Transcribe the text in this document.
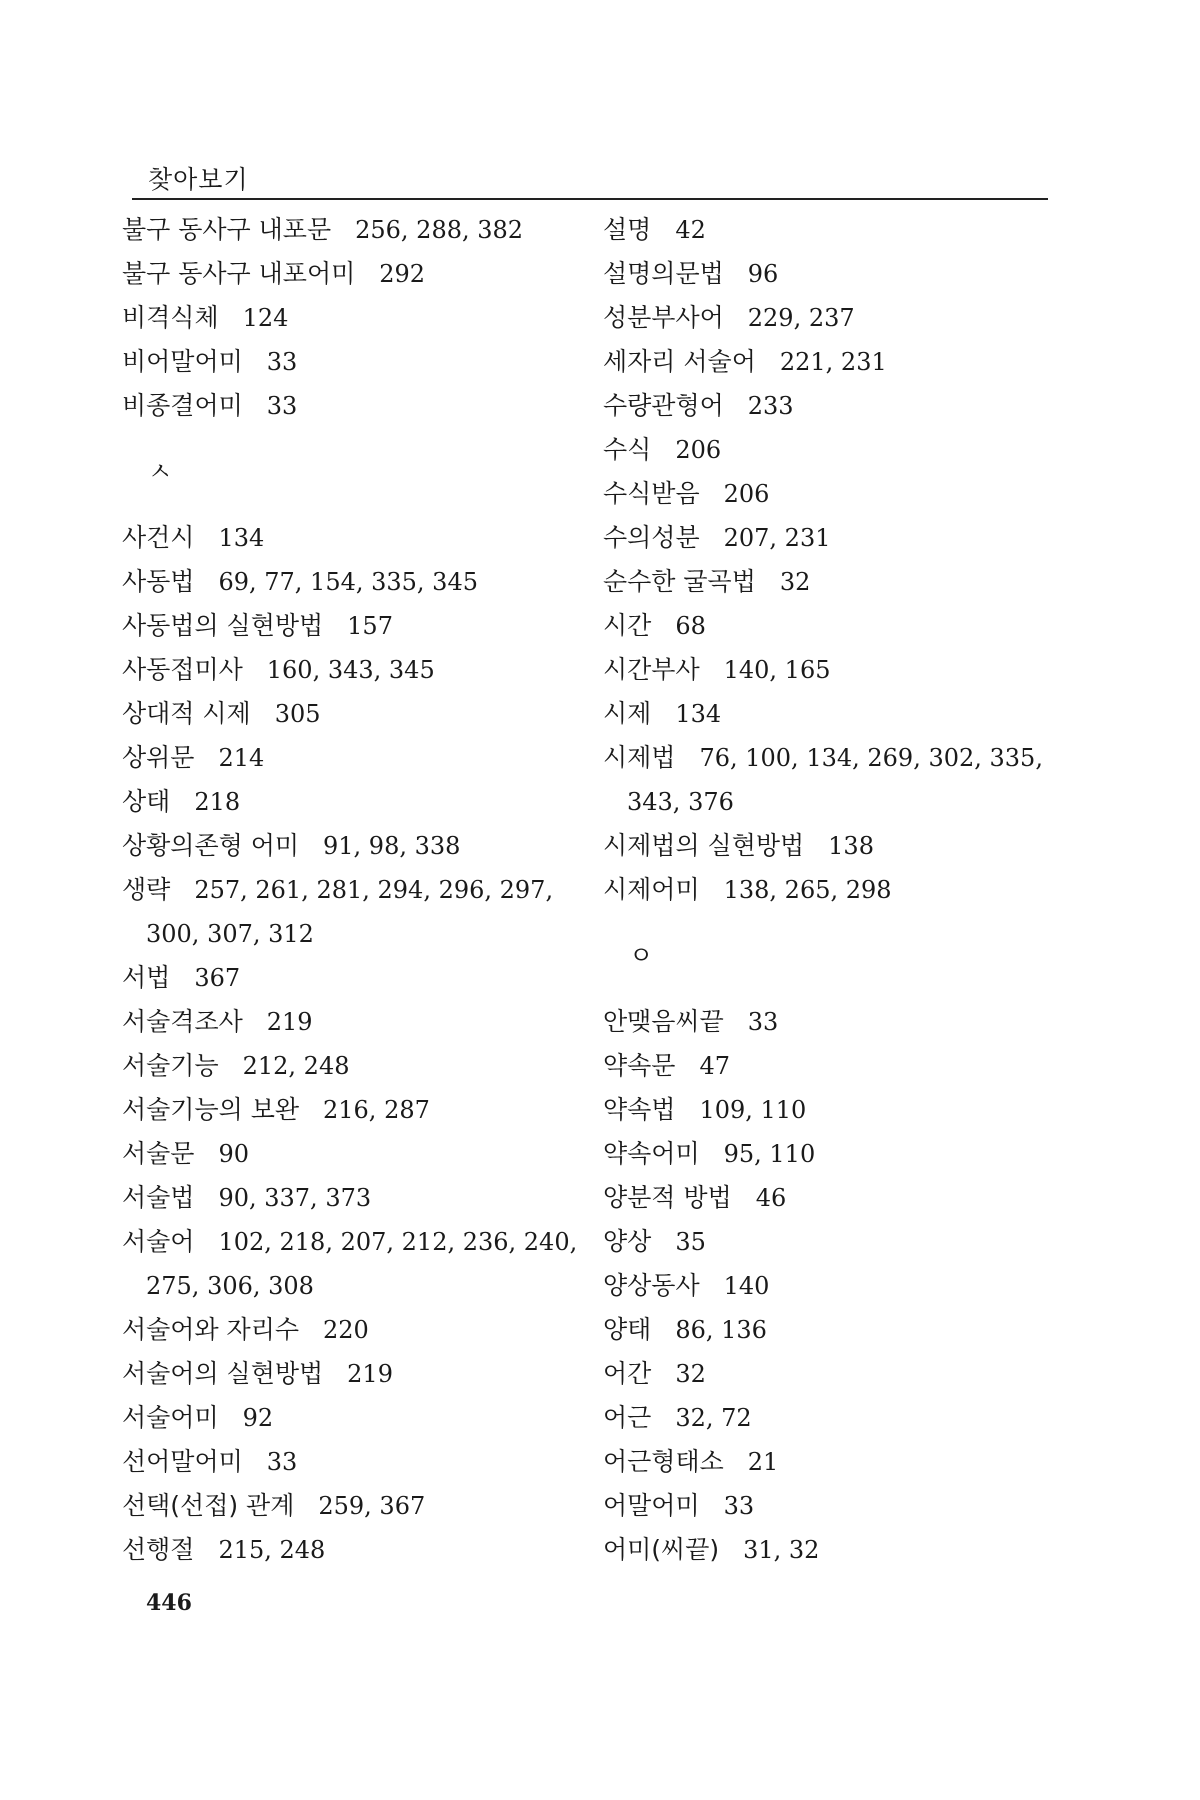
찾아보기
불구 동사구 내포문 256, 288, 382
불구 동사구 내포어미 292
비격식체 124
비어말어미 33
비종결어미 33
ㅅ
사건시 134
사동법 69, 77, 154, 335, 345
사동법의 실현방법 157
사동접미사 160, 343, 345
상대적 시제 305
상위문 214
상태 218
상황의존형 어미 91, 98, 338
생략 257, 261, 281, 294, 296, 297,
300, 307, 312
서법 367
서술격조사 219
서술기능 212, 248
서술기능의 보완 216, 287
서술문 90
서술법 90, 337, 373
서술어 102, 218, 207, 212, 236, 240,
275, 306, 308
서술어와 자리수 220
서술어의 실현방법 219
서술어미 92
선어말어미 33
선택(선접) 관계 259, 367
선행절 215, 248
설명 42
설명의문법 96
성분부사어 229, 237
세자리 서술어 221, 231
수량관형어 233
수식 206
수식받음 206
수의성분 207, 231
순수한 굴곡법 32
시간 68
시간부사 140, 165
시제 134
시제법 76, 100, 134, 269, 302, 335,
343, 376
시제법의 실현방법 138
시제어미 138, 265, 298
ㅇ
안맺음씨끝 33
약속문 47
약속법 109, 110
약속어미 95, 110
양분적 방법 46
양상 35
양상동사 140
양태 86, 136
어간 32
어근 32, 72
어근형태소 21
어말어미 33
어미(씨끝) 31, 32
446
